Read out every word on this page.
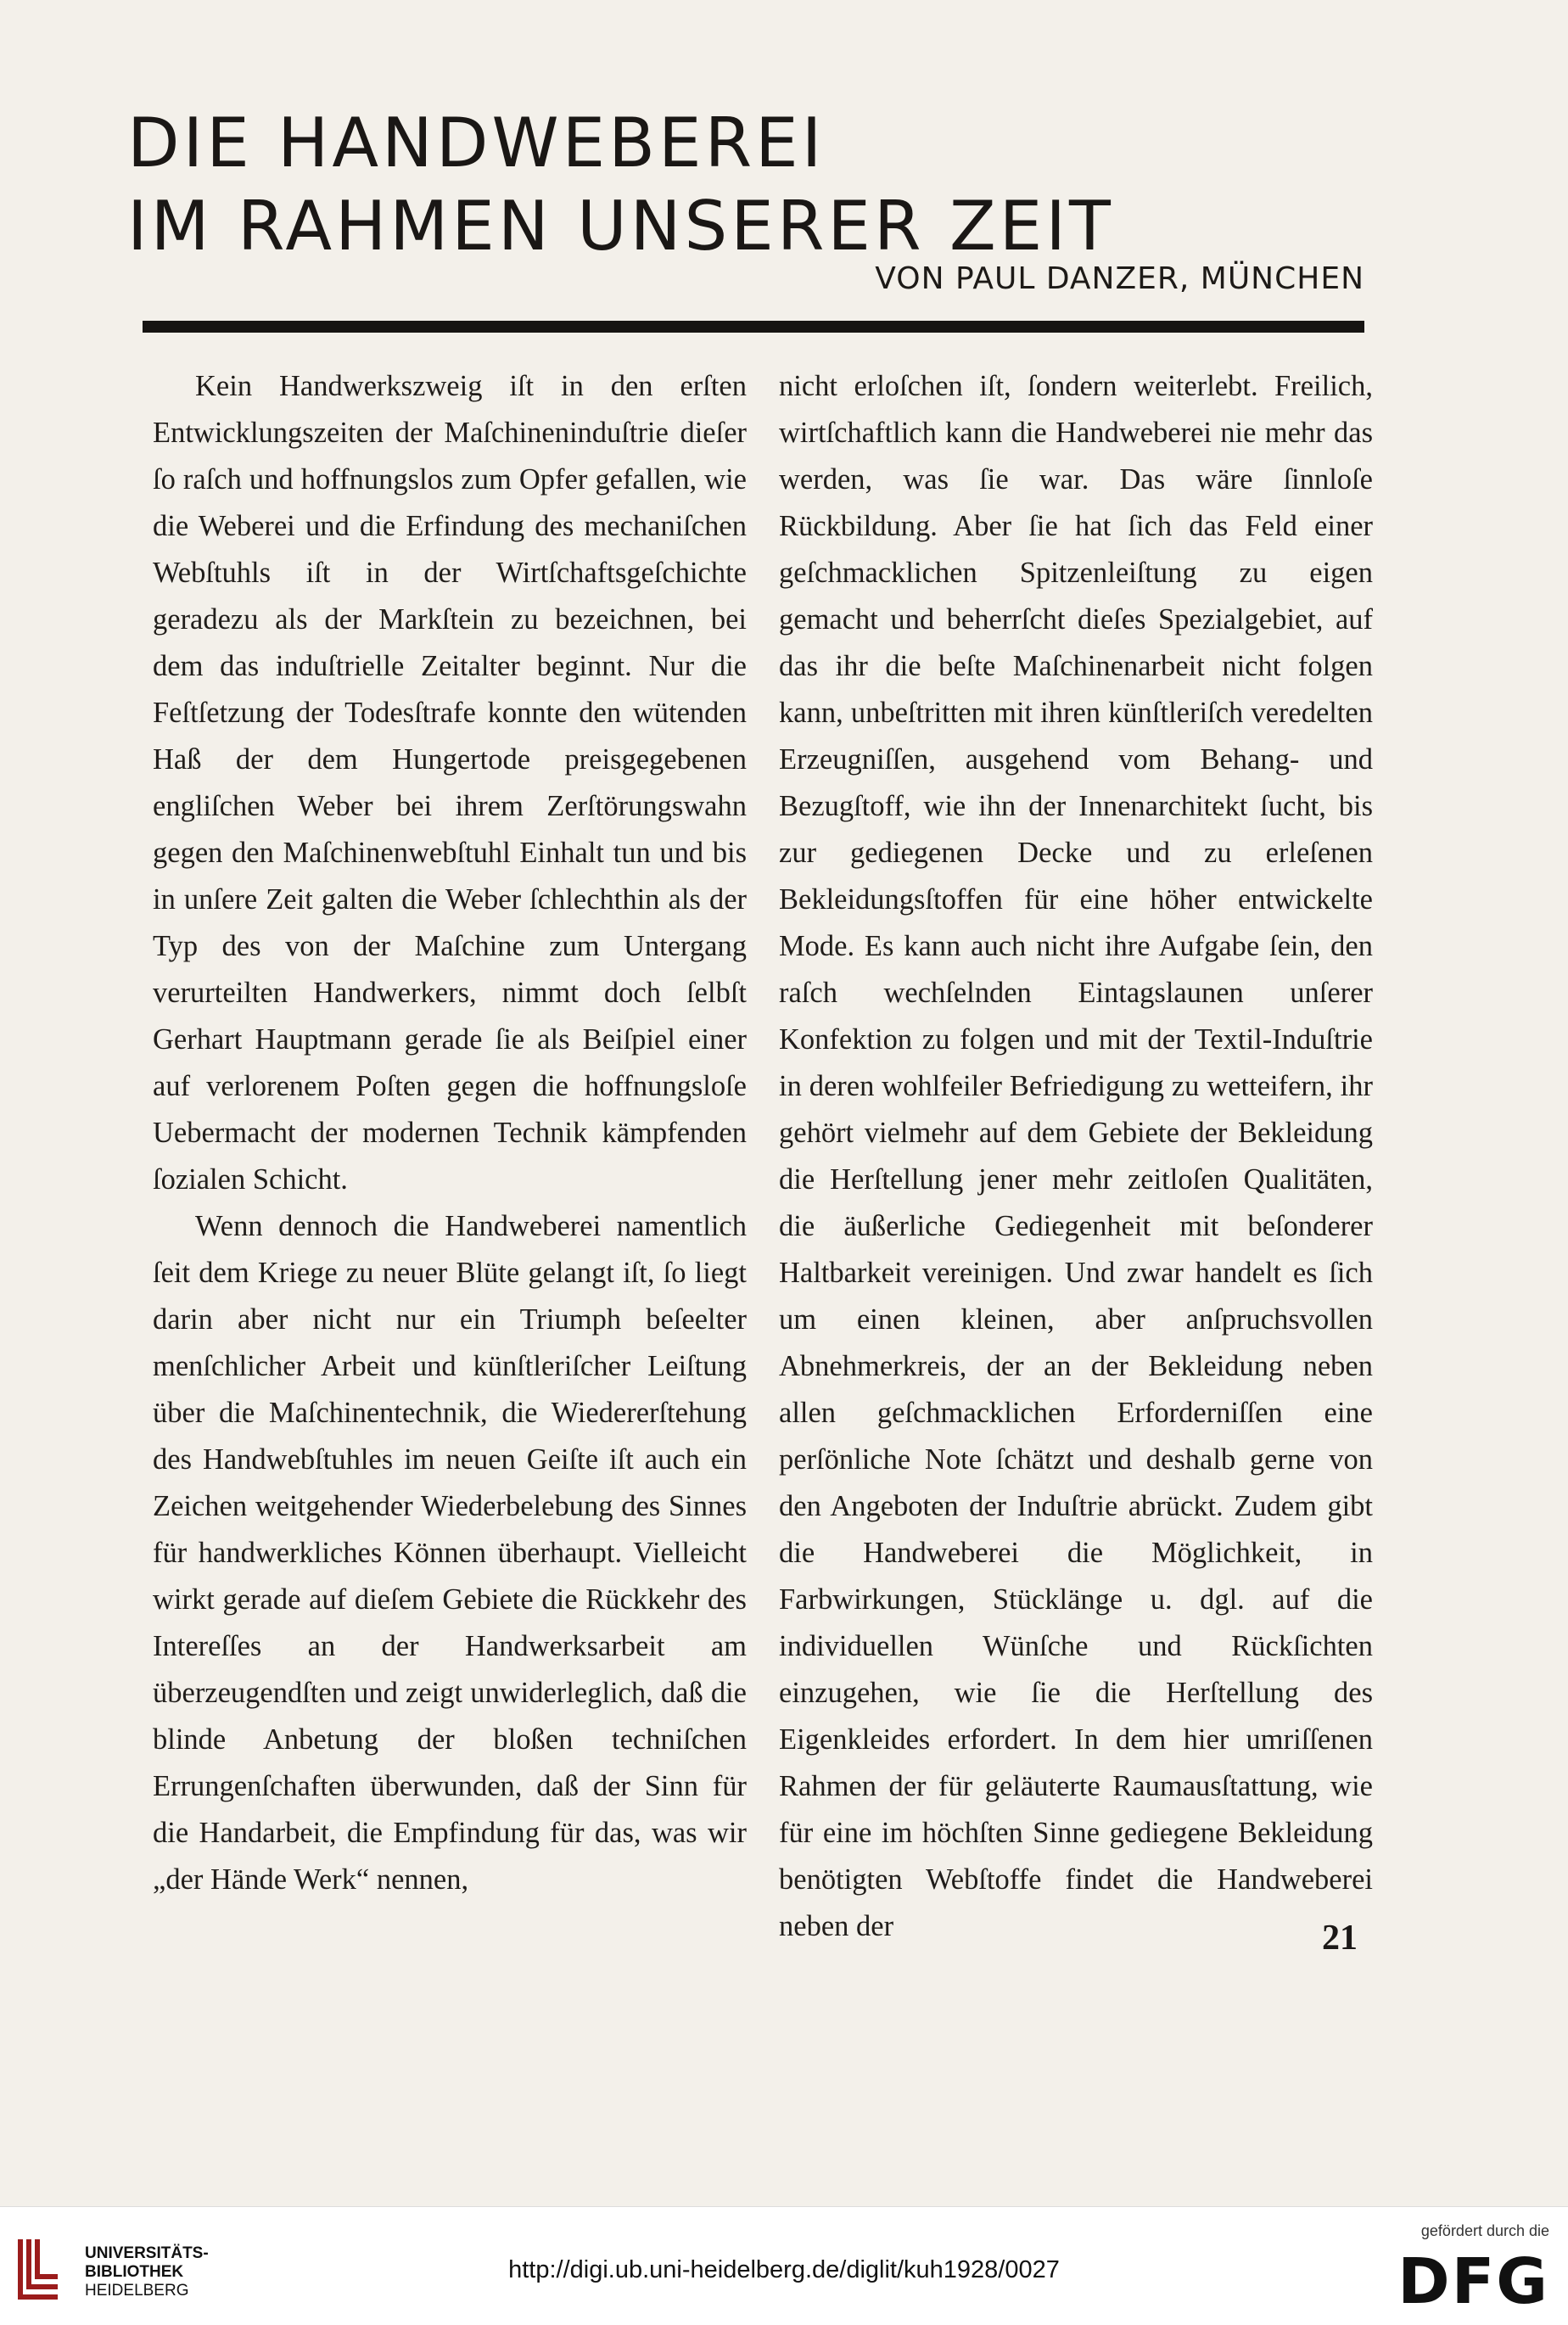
DIE HANDWEBEREI
IM RAHMEN UNSERER ZEIT
VON PAUL DANZER, MÜNCHEN

Kein Handwerkszweig iſt in den erſten Entwicklungszeiten der Maſchineninduſtrie dieſer ſo raſch und hoffnungslos zum Opfer gefallen, wie die Weberei und die Erfindung des mechaniſchen Webſtuhls iſt in der Wirtſchaftsgeſchichte geradezu als der Markſtein zu bezeichnen, bei dem das induſtrielle Zeitalter beginnt. Nur die Feſtſetzung der Todesſtrafe konnte den wütenden Haß der dem Hungertode preisgegebenen engliſchen Weber bei ihrem Zerſtörungswahn gegen den Maſchinenwebſtuhl Einhalt tun und bis in unſere Zeit galten die Weber ſchlechthin als der Typ des von der Maſchine zum Untergang verurteilten Handwerkers, nimmt doch ſelbſt Gerhart Hauptmann gerade ſie als Beiſpiel einer auf verlorenem Poſten gegen die hoffnungsloſe Uebermacht der modernen Technik kämpfenden ſozialen Schicht.

Wenn dennoch die Handweberei namentlich ſeit dem Kriege zu neuer Blüte gelangt iſt, ſo liegt darin aber nicht nur ein Triumph beſeelter menſchlicher Arbeit und künſtleriſcher Leiſtung über die Maſchinentechnik, die Wiedererſtehung des Handwebſtuhles im neuen Geiſte iſt auch ein Zeichen weitgehender Wiederbelebung des Sinnes für handwerkliches Können überhaupt. Vielleicht wirkt gerade auf dieſem Gebiete die Rückkehr des Intereſſes an der Handwerksarbeit am überzeugendſten und zeigt unwiderleglich, daß die blinde Anbetung der bloßen techniſchen Errungenſchaften überwunden, daß der Sinn für die Handarbeit, die Empfindung für das, was wir „der Hände Werk“ nennen,

nicht erloſchen iſt, ſondern weiterlebt. Freilich, wirtſchaftlich kann die Handweberei nie mehr das werden, was ſie war. Das wäre ſinnloſe Rückbildung. Aber ſie hat ſich das Feld einer geſchmacklichen Spitzenleiſtung zu eigen gemacht und beherrſcht dieſes Spezialgebiet, auf das ihr die beſte Maſchinenarbeit nicht folgen kann, unbeſtritten mit ihren künſtleriſch veredelten Erzeugniſſen, ausgehend vom Behang- und Bezugſtoff, wie ihn der Innenarchitekt ſucht, bis zur gediegenen Decke und zu erleſenen Bekleidungsſtoffen für eine höher entwickelte Mode. Es kann auch nicht ihre Aufgabe ſein, den raſch wechſelnden Eintagslaunen unſerer Konfektion zu folgen und mit der Textil-Induſtrie in deren wohlfeiler Befriedigung zu wetteifern, ihr gehört vielmehr auf dem Gebiete der Bekleidung die Herſtellung jener mehr zeitloſen Qualitäten, die äußerliche Gediegenheit mit beſonderer Haltbarkeit vereinigen. Und zwar handelt es ſich um einen kleinen, aber anſpruchsvollen Abnehmerkreis, der an der Bekleidung neben allen geſchmacklichen Erforderniſſen eine perſönliche Note ſchätzt und deshalb gerne von den Angeboten der Induſtrie abrückt. Zudem gibt die Handweberei die Möglichkeit, in Farbwirkungen, Stücklänge u. dgl. auf die individuellen Wünſche und Rückſichten einzugehen, wie ſie die Herſtellung des Eigenkleides erfordert. In dem hier umriſſenen Rahmen der für geläuterte Raumausſtattung, wie für eine im höchſten Sinne gediegene Bekleidung benötigten Webſtoffe findet die Handweberei neben der	21
UNIVERSITÄTS-
BIBLIOTHEK
HEIDELBERG
http://digi.ub.uni-heidelberg.de/diglit/kuh1928/0027
gefördert durch die
DFG
